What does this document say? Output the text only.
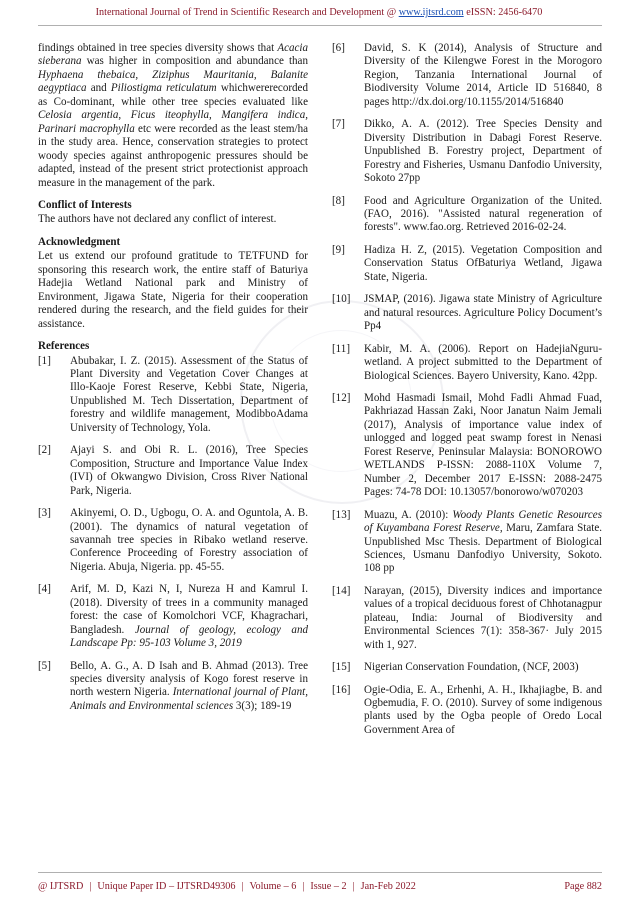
International Journal of Trend in Scientific Research and Development @ www.ijtsrd.com eISSN: 2456-6470

findings obtained in tree species diversity shows that Acacia sieberana was higher in composition and abundance than Hyphaena thebaica, Ziziphus Mauritania, Balanite aegyptiaca and Piliostigma reticulatum whichwererecorded as Co-dominant, while other tree species evaluated like Celosia argentia, Ficus iteophylla, Mangifera indica, Parinari macrophylla etc were recorded as the least stem/ha in the study area. Hence, conservation strategies to protect woody species against anthropogenic pressures should be adapted, instead of the present strict protectionist approach measure in the management of the park.

Conflict of Interests

The authors have not declared any conflict of interest.

Acknowledgment

Let us extend our profound gratitude to TETFUND for sponsoring this research work, the entire staff of Baturiya Hadejia Wetland National park and Ministry of Environment, Jigawa State, Nigeria for their cooperation rendered during the research, and the field guides for their assistance.

References
[1]	Abubakar, I. Z. (2015). Assessment of the Status of Plant Diversity and Vegetation Cover Changes at Illo-Kaoje Forest Reserve, Kebbi State, Nigeria, Unpublished M. Tech Dissertation, Department of forestry and wildlife management, ModibboAdama University of Technology, Yola.
[2]	Ajayi S. and Obi R. L. (2016), Tree Species Composition, Structure and Importance Value Index (IVI) of Okwangwo Division, Cross River National Park, Nigeria.
[3]	Akinyemi, O. D., Ugbogu, O. A. and Oguntola, A. B. (2001). The dynamics of natural vegetation of savannah tree species in Ribako wetland reserve. Conference Proceeding of Forestry association of Nigeria. Abuja, Nigeria. pp. 45-55.
[4]	Arif, M. D, Kazi N, I, Nureza H and Kamrul I. (2018). Diversity of trees in a community managed forest: the case of Komolchori VCF, Khagrachari, Bangladesh. Journal of geology, ecology and Landscape Pp: 95-103 Volume 3, 2019
[5]	Bello, A. G., A. D Isah and B. Ahmad (2013). Tree species diversity analysis of Kogo forest reserve in north western Nigeria. International journal of Plant, Animals and Environmental sciences 3(3); 189-19
[6]	David, S. K (2014), Analysis of Structure and Diversity of the Kilengwe Forest in the Morogoro Region, Tanzania International Journal of Biodiversity Volume 2014, Article ID 516840, 8 pages http://dx.doi.org/10.1155/2014/516840
[7]	Dikko, A. A. (2012). Tree Species Density and Diversity Distribution in Dabagi Forest Reserve. Unpublished B. Forestry project, Department of Forestry and Fisheries, Usmanu Danfodio University, Sokoto 27pp
[8]	Food and Agriculture Organization of the United. (FAO, 2016). "Assisted natural regeneration of forests". www.fao.org. Retrieved 2016-02-24.
[9]	Hadiza H. Z, (2015). Vegetation Composition and Conservation Status OfBaturiya Wetland, Jigawa State, Nigeria.
[10]	JSMAP, (2016). Jigawa state Ministry of Agriculture and natural resources. Agriculture Policy Document’s Pp4
[11]	Kabir, M. A. (2006). Report on HadejiaNguru-wetland. A project submitted to the Department of Biological Sciences. Bayero University, Kano. 42pp.
[12]	Mohd Hasmadi Ismail, Mohd Fadli Ahmad Fuad, Pakhriazad Hassan Zaki, Noor Janatun Naim Jemali (2017), Analysis of importance value index of unlogged and logged peat swamp forest in Nenasi Forest Reserve, Peninsular Malaysia: BONOROWO WETLANDS P-ISSN: 2088-110X Volume 7, Number 2, December 2017 E-ISSN: 2088-2475 Pages: 74-78 DOI: 10.13057/bonorowo/w070203
[13]	Muazu, A. (2010): Woody Plants Genetic Resources of Kuyambana Forest Reserve, Maru, Zamfara State. Unpublished Msc Thesis. Department of Biological Sciences, Usmanu Danfodiyo University, Sokoto. 108 pp
[14]	Narayan, (2015), Diversity indices and importance values of a tropical deciduous forest of Chhotanagpur plateau, India: Journal of Biodiversity and Environmental Sciences 7(1): 358-367· July 2015 with 1, 927.
[15]	Nigerian Conservation Foundation, (NCF, 2003)
[16]	Ogie-Odia, E. A., Erhenhi, A. H., Ikhajiagbe, B. and Ogbemudia, F. O. (2010). Survey of some indigenous plants used by the Ogba people of Oredo Local Government Area of
@ IJTSRD | Unique Paper ID – IJTSRD49306 | Volume – 6 | Issue – 2 | Jan-Feb 2022	Page 882
